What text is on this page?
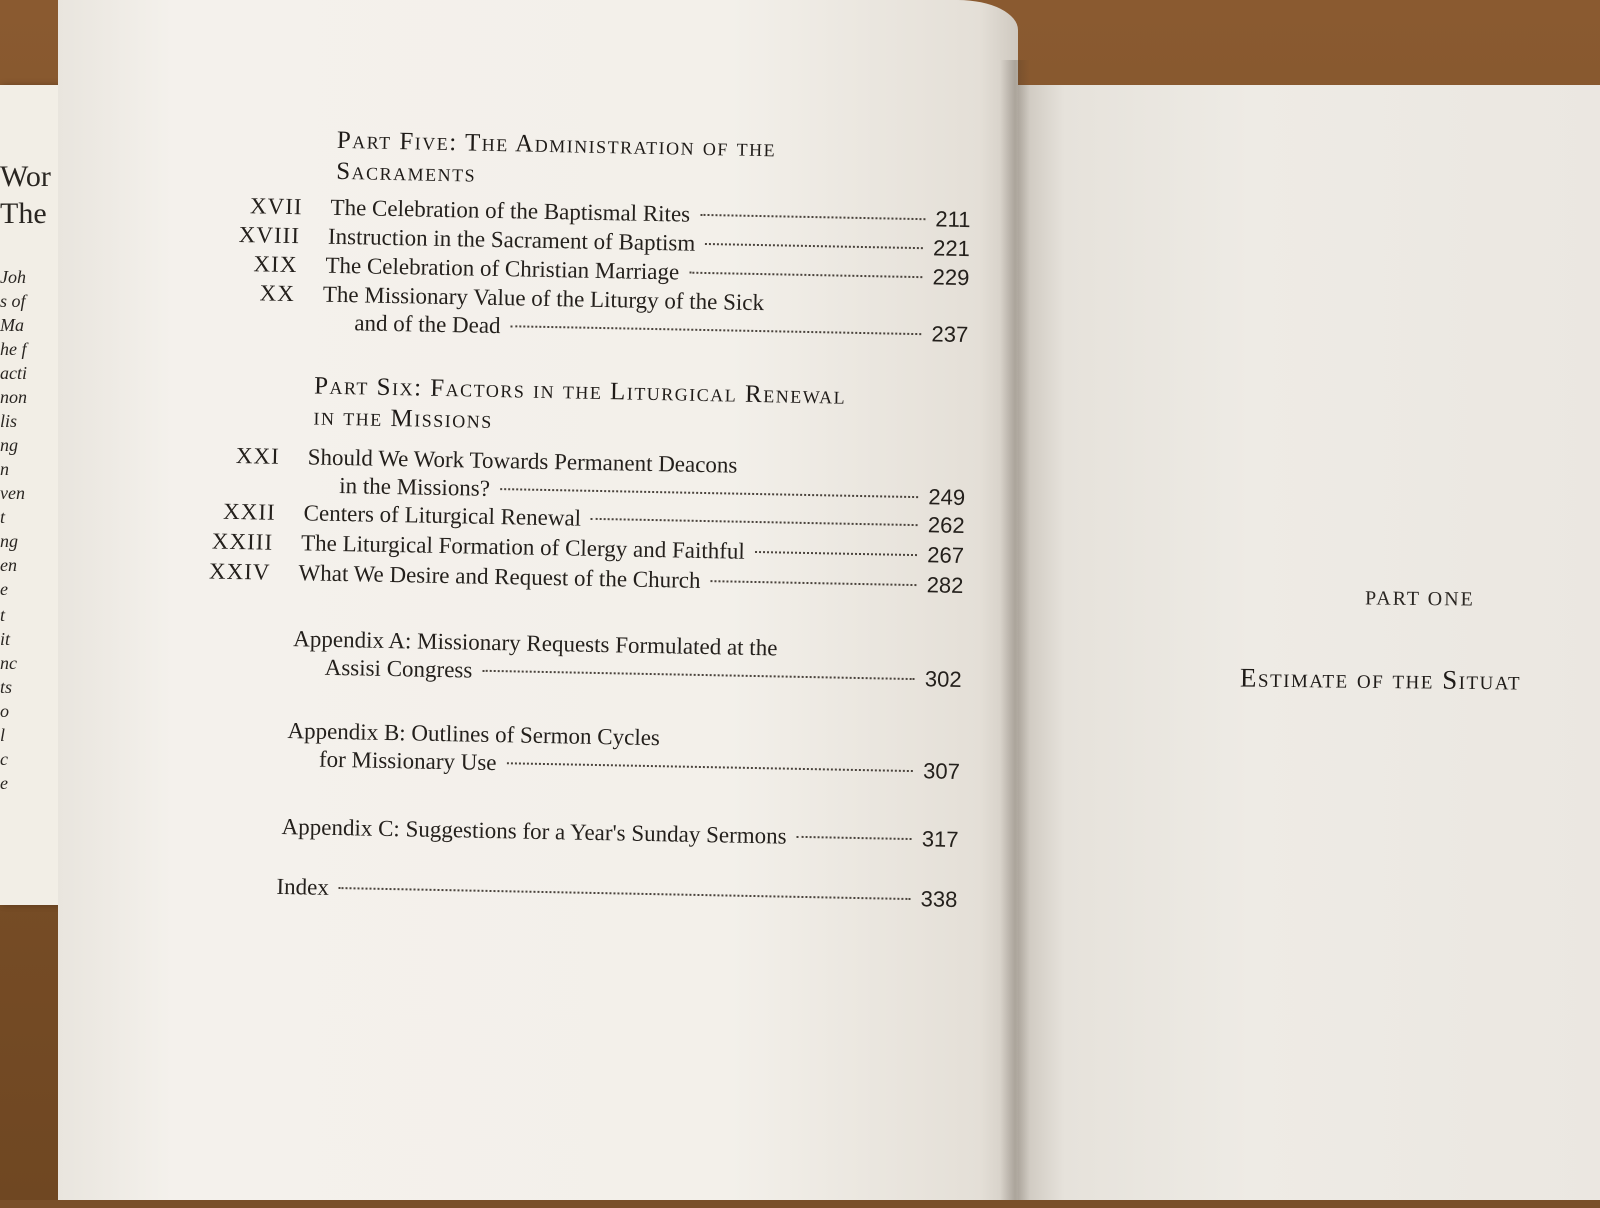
Wor
The
Joh
s of
Ma
he f
acti
non
lis
ng
n
ven
t
ng
en
e
t
it
nc
ts
o
l
c
e
Part Five: The Administration of the
Sacraments
XVII The Celebration of the Baptismal Rites	211
XVIII Instruction in the Sacrament of Baptism	221
XIX The Celebration of Christian Marriage	229
XX The Missionary Value of the Liturgy of the Sick
and of the Dead	237
Part Six: Factors in the Liturgical Renewal
in the Missions
XXI Should We Work Towards Permanent Deacons
in the Missions?	249
XXII Centers of Liturgical Renewal	262
XXIII The Liturgical Formation of Clergy and Faithful	267
XXIV What We Desire and Request of the Church	282
Appendix A: Missionary Requests Formulated at the
Assisi Congress	302
Appendix B: Outlines of Sermon Cycles
for Missionary Use	307
Appendix C: Suggestions for a Year's Sunday Sermons	317
Index	338
PART ONE
Estimate of the Situat
